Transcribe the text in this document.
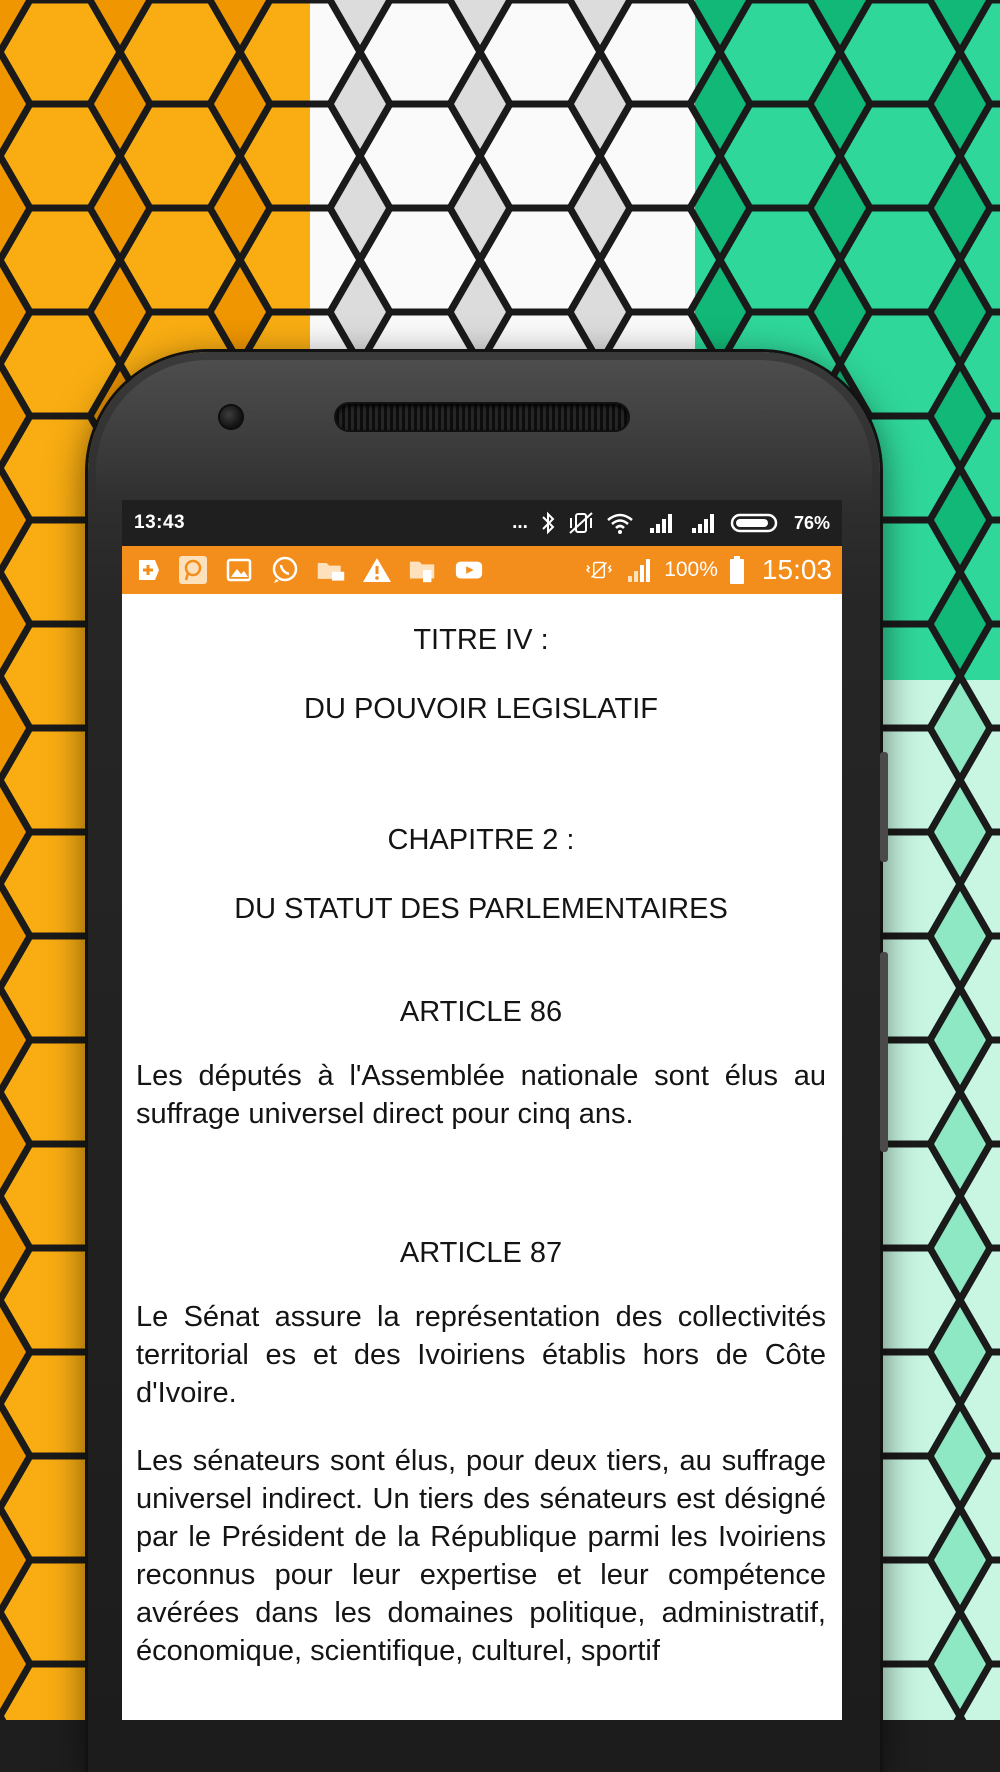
13:43	...	76%
100% 15:03

TITRE IV :

DU POUVOIR LEGISLATIF

CHAPITRE 2 :

DU STATUT DES PARLEMENTAIRES

ARTICLE 86

Les députés à l'Assemblée nationale sont élus au suffrage universel direct pour cinq ans.

ARTICLE 87

Le Sénat assure la représentation des collectivités territorial es et des Ivoiriens établis hors de Côte d'Ivoire.

Les sénateurs sont élus, pour deux tiers, au suffrage universel indirect. Un tiers des sénateurs est désigné par le Président de la République parmi les Ivoiriens reconnus pour leur expertise et leur compétence avérées dans les domaines politique, administratif, économique, scientifique, culturel, sportif
